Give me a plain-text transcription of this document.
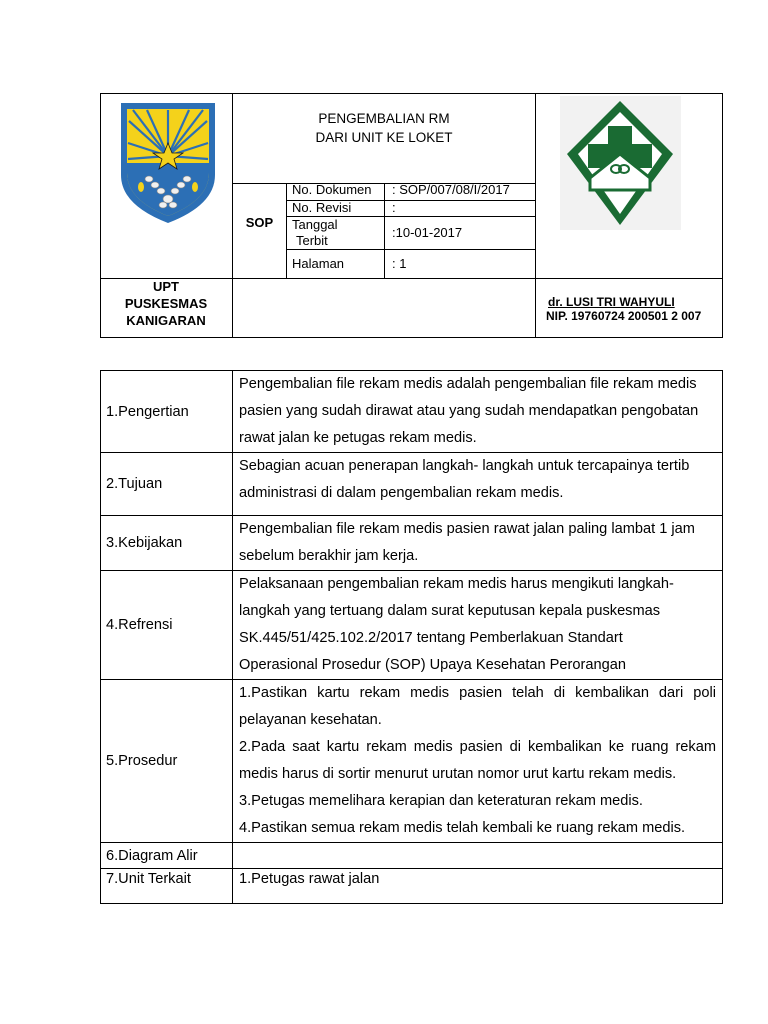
PENGEMBALIAN RM
DARI UNIT KE LOKET
SOP
No. Dokumen : SOP/007/08/I/2017
No. Revisi	:
Tanggal
Terbit
:10-01-2017
Halaman	: 1
UPT
PUSKESMAS
KANIGARAN
dr. LUSI TRI WAHYULI
NIP. 19760724 200501 2 007
1.Pengertian	Pengembalian file rekam medis adalah pengembalian file rekam medis
pasien yang sudah dirawat atau yang sudah mendapatkan pengobatan
rawat jalan ke petugas rekam medis.

2.Tujuan	Sebagian acuan penerapan langkah- langkah untuk tercapainya tertib
administrasi di dalam pengembalian rekam medis.

3.Kebijakan	Pengembalian file rekam medis pasien rawat jalan paling lambat 1 jam
sebelum berakhir jam kerja.

4.Refrensi	Pelaksanaan pengembalian rekam medis harus mengikuti langkah-
langkah yang tertuang dalam surat keputusan kepala puskesmas
SK.445/51/425.102.2/2017 tentang Pemberlakuan Standart
Operasional Prosedur (SOP) Upaya Kesehatan Perorangan

5.Prosedur	1.Pastikan kartu rekam medis pasien telah di kembalikan dari poli pelayanan kesehatan.
2.Pada saat kartu rekam medis pasien di kembalikan ke ruang rekam medis harus di sortir menurut urutan nomor urut kartu rekam medis.
3.Petugas memelihara kerapian dan keteraturan rekam medis.
4.Pastikan semua rekam medis telah kembali ke ruang rekam medis.

6.Diagram Alir	
7.Unit Terkait	1.Petugas rawat jalan
